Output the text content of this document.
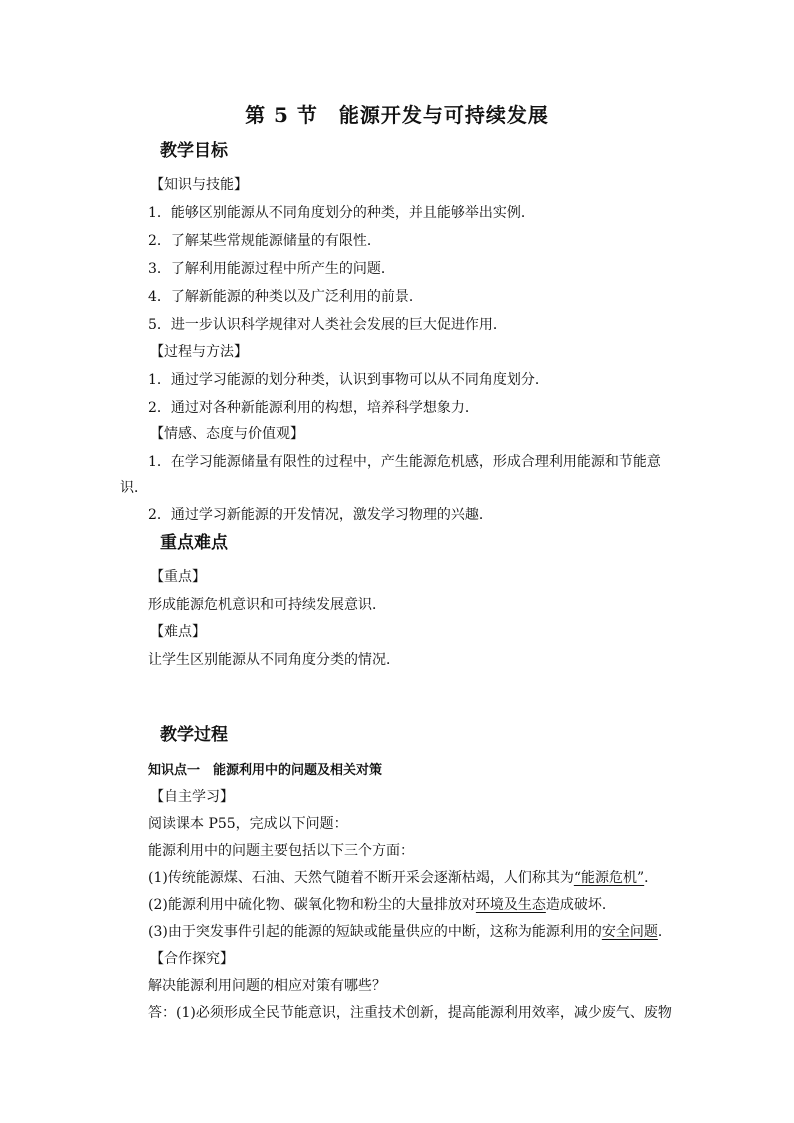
第 5 节　能源开发与可持续发展
教学目标
【知识与技能】
1．能够区别能源从不同角度划分的种类，并且能够举出实例．
2．了解某些常规能源储量的有限性．
3．了解利用能源过程中所产生的问题．
4．了解新能源的种类以及广泛利用的前景．
5．进一步认识科学规律对人类社会发展的巨大促进作用．
【过程与方法】
1．通过学习能源的划分种类，认识到事物可以从不同角度划分．
2．通过对各种新能源利用的构想，培养科学想象力．
【情感、态度与价值观】
1．在学习能源储量有限性的过程中，产生能源危机感，形成合理利用能源和节能意
识．
2．通过学习新能源的开发情况，激发学习物理的兴趣．
重点难点
【重点】
形成能源危机意识和可持续发展意识．
【难点】
让学生区别能源从不同角度分类的情况．
教学过程
知识点一　能源利用中的问题及相关对策
【自主学习】
阅读课本 P55，完成以下问题：
能源利用中的问题主要包括以下三个方面：
(1)传统能源煤、石油、天然气随着不断开采会逐渐枯竭，人们称其为“能源危机”．
(2)能源利用中硫化物、碳氧化物和粉尘的大量排放对环境及生态造成破坏．
(3)由于突发事件引起的能源的短缺或能量供应的中断，这称为能源利用的安全问题．
【合作探究】
解决能源利用问题的相应对策有哪些？
答：(1)必须形成全民节能意识，注重技术创新，提高能源利用效率，减少废气、废物
